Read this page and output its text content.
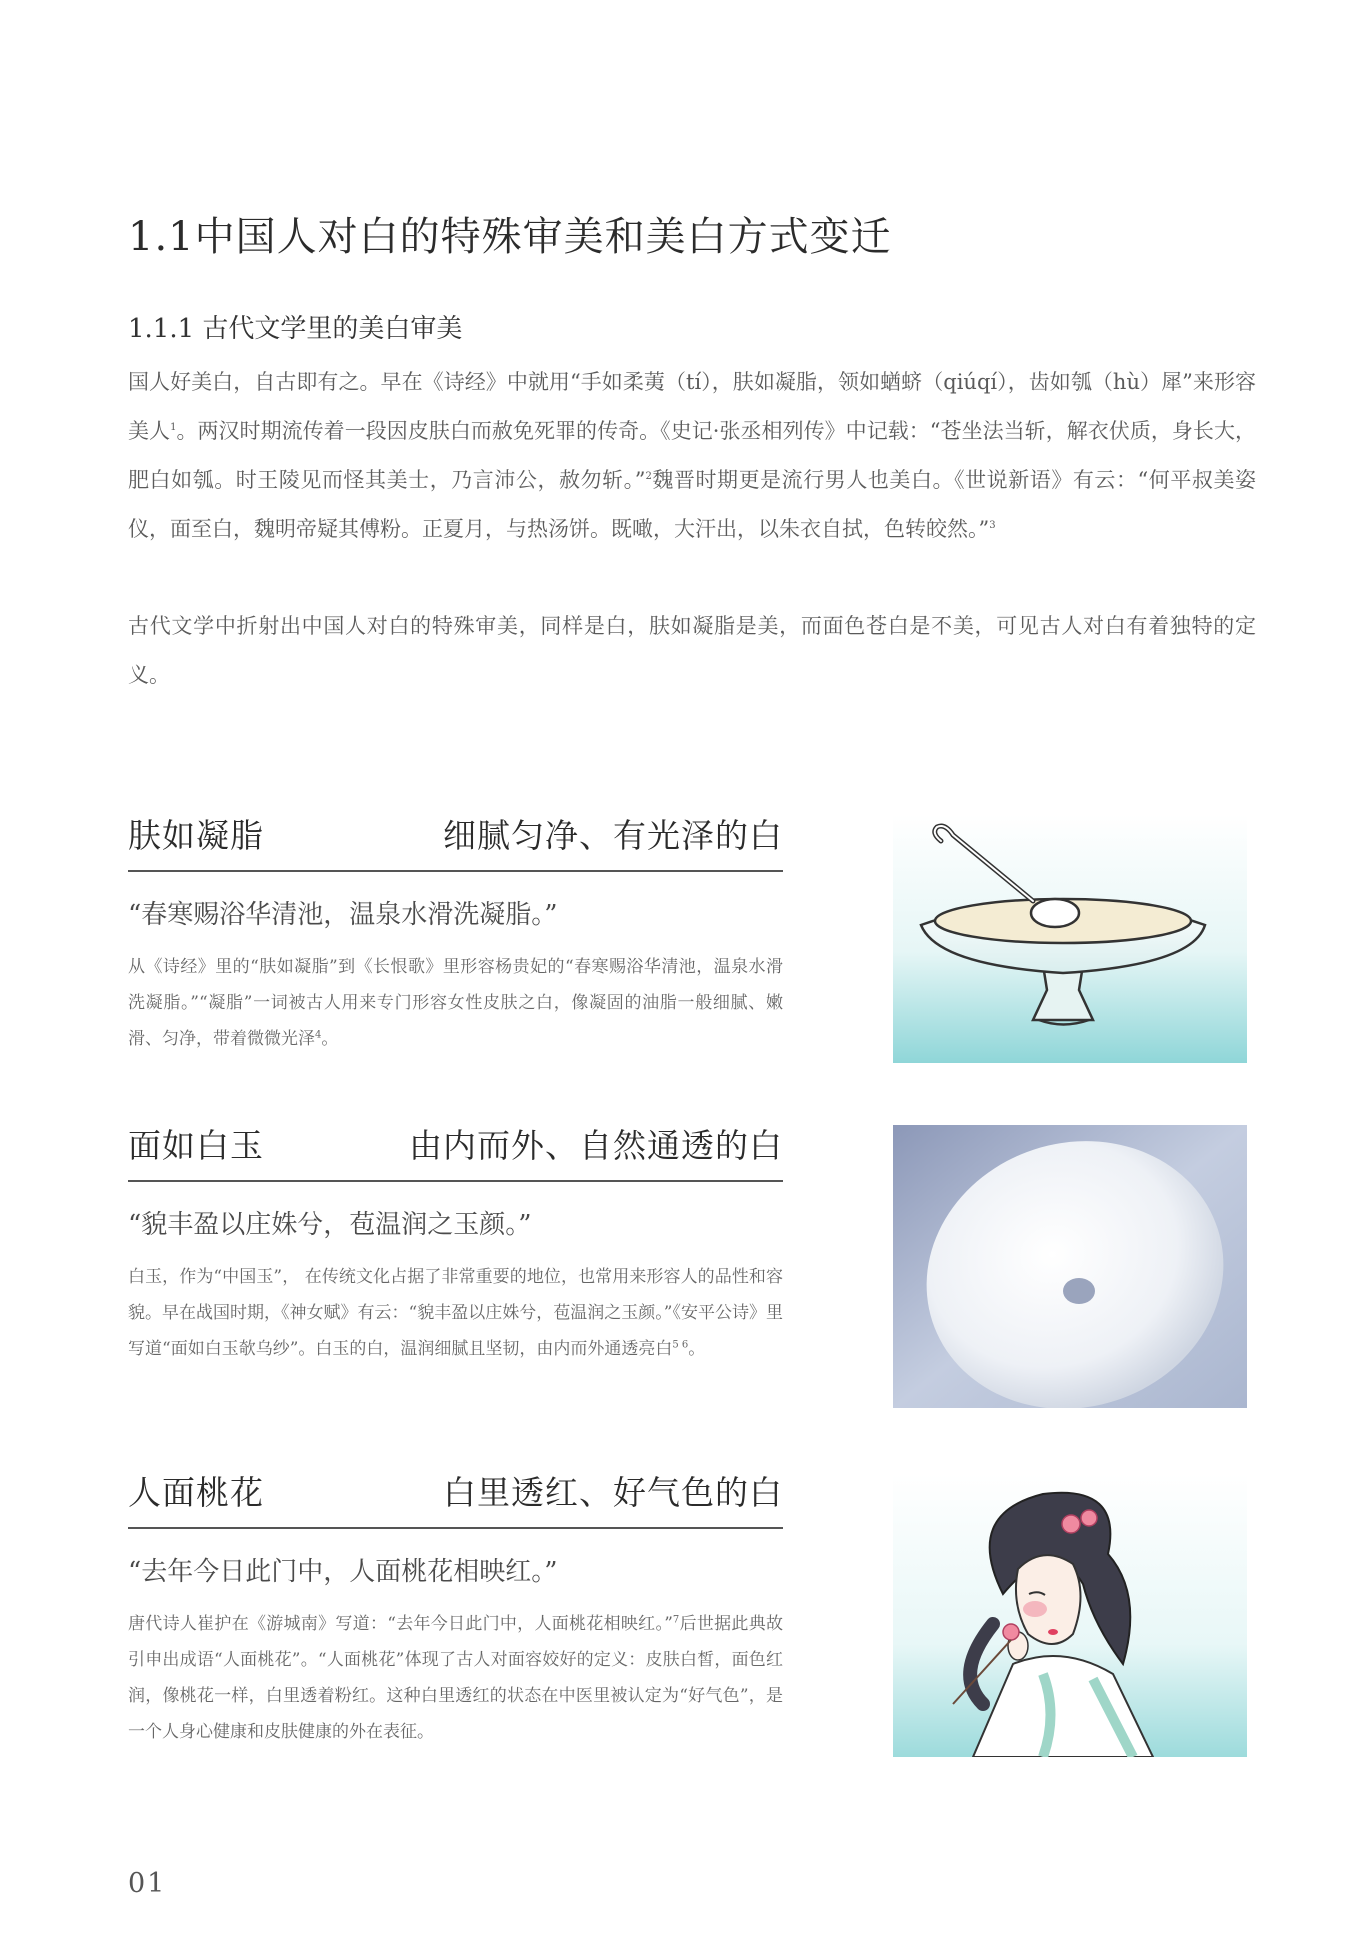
1.1中国人对白的特殊审美和美白方式变迁
1.1.1 古代文学里的美白审美

国人好美白，自古即有之。早在《诗经》中就用“手如柔荑（tí），肤如凝脂，领如蝤蛴（qiúqí），齿如瓠（hù）犀”来形容美人$^1$。两汉时期流传着一段因皮肤白而赦免死罪的传奇。《史记·张丞相列传》中记载：“苍坐法当斩，解衣伏质，身长大，肥白如瓠。时王陵见而怪其美士，乃言沛公，赦勿斩。”$^2$魏晋时期更是流行男人也美白。《世说新语》有云：“何平叔美姿仪，面至白，魏明帝疑其傅粉。正夏月，与热汤饼。既噉，大汗出，以朱衣自拭，色转皎然。”$^3$

古代文学中折射出中国人对白的特殊审美，同样是白，肤如凝脂是美，而面色苍白是不美，可见古人对白有着独特的定义。

肤如凝脂	细腻匀净、有光泽的白
“春寒赐浴华清池，温泉水滑洗凝脂。”
从《诗经》里的“肤如凝脂”到《长恨歌》里形容杨贵妃的“春寒赐浴华清池，温泉水滑洗凝脂。”“凝脂”一词被古人用来专门形容女性皮肤之白，像凝固的油脂一般细腻、嫩滑、匀净，带着微微光泽$^4$。
面如白玉	由内而外、自然通透的白
“貌丰盈以庄姝兮，苞温润之玉颜。”
白玉，作为“中国玉”， 在传统文化占据了非常重要的地位，也常用来形容人的品性和容貌。早在战国时期，《神女赋》有云：“貌丰盈以庄姝兮，苞温润之玉颜。”《安平公诗》里写道“面如白玉欹乌纱”。白玉的白，温润细腻且坚韧，由内而外通透亮白$^{5 6}$。
人面桃花	白里透红、好气色的白
“去年今日此门中，人面桃花相映红。”
唐代诗人崔护在《游城南》写道：“去年今日此门中，人面桃花相映红。”$^7$后世据此典故引申出成语“人面桃花”。“人面桃花”体现了古人对面容姣好的定义：皮肤白皙，面色红润，像桃花一样，白里透着粉红。这种白里透红的状态在中医里被认定为“好气色”，是一个人身心健康和皮肤健康的外在表征。
01
